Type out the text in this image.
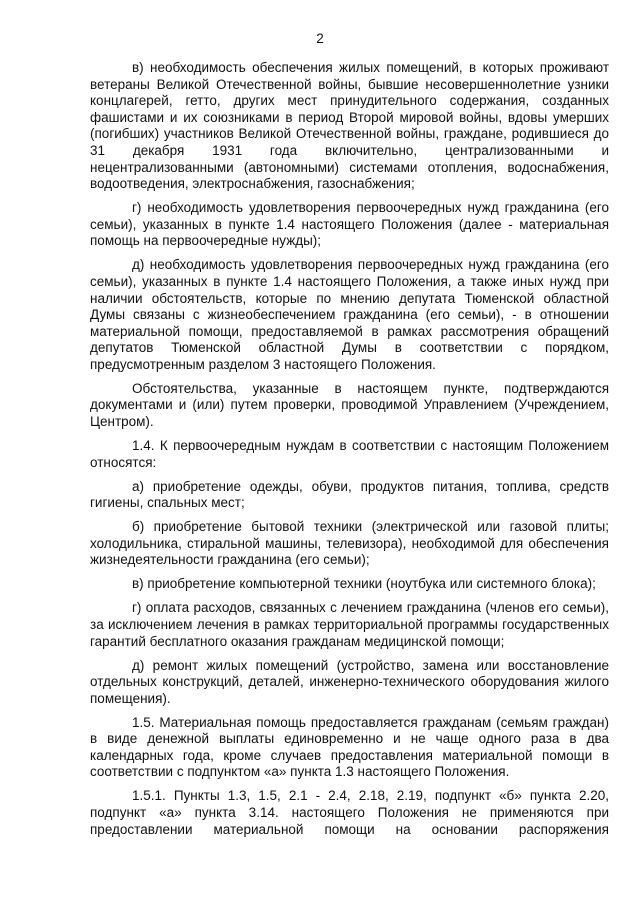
2

в) необходимость обеспечения жилых помещений, в которых проживают ветераны Великой Отечественной войны, бывшие несовершеннолетние узники концлагерей, гетто, других мест принудительного содержания, созданных фашистами и их союзниками в период Второй мировой войны, вдовы умерших (погибших) участников Великой Отечественной войны, граждане, родившиеся до 31 декабря 1931 года включительно, централизованными и нецентрализованными (автономными) системами отопления, водоснабжения, водоотведения, электроснабжения, газоснабжения;

г) необходимость удовлетворения первоочередных нужд гражданина (его семьи), указанных в пункте 1.4 настоящего Положения (далее - материальная помощь на первоочередные нужды);

д) необходимость удовлетворения первоочередных нужд гражданина (его семьи), указанных в пункте 1.4 настоящего Положения, а также иных нужд при наличии обстоятельств, которые по мнению депутата Тюменской областной Думы связаны с жизнеобеспечением гражданина (его семьи), - в отношении материальной помощи, предоставляемой в рамках рассмотрения обращений депутатов Тюменской областной Думы в соответствии с порядком, предусмотренным разделом 3 настоящего Положения.

Обстоятельства, указанные в настоящем пункте, подтверждаются документами и (или) путем проверки, проводимой Управлением (Учреждением, Центром).

1.4. К первоочередным нуждам в соответствии с настоящим Положением относятся:

а) приобретение одежды, обуви, продуктов питания, топлива, средств гигиены, спальных мест;

б) приобретение бытовой техники (электрической или газовой плиты; холодильника, стиральной машины, телевизора), необходимой для обеспечения жизнедеятельности гражданина (его семьи);

в) приобретение компьютерной техники (ноутбука или системного блока);

г) оплата расходов, связанных с лечением гражданина (членов его семьи), за исключением лечения в рамках территориальной программы государственных гарантий бесплатного оказания гражданам медицинской помощи;

д) ремонт жилых помещений (устройство, замена или восстановление отдельных конструкций, деталей, инженерно-технического оборудования жилого помещения).

1.5. Материальная помощь предоставляется гражданам (семьям граждан) в виде денежной выплаты единовременно и не чаще одного раза в два календарных года, кроме случаев предоставления материальной помощи в соответствии с подпунктом «а» пункта 1.3 настоящего Положения.

1.5.1. Пункты 1.3, 1.5, 2.1 - 2.4, 2.18, 2.19, подпункт «б» пункта 2.20, подпункт «а» пункта 3.14. настоящего Положения не применяются при предоставлении материальной помощи на основании распоряжения
